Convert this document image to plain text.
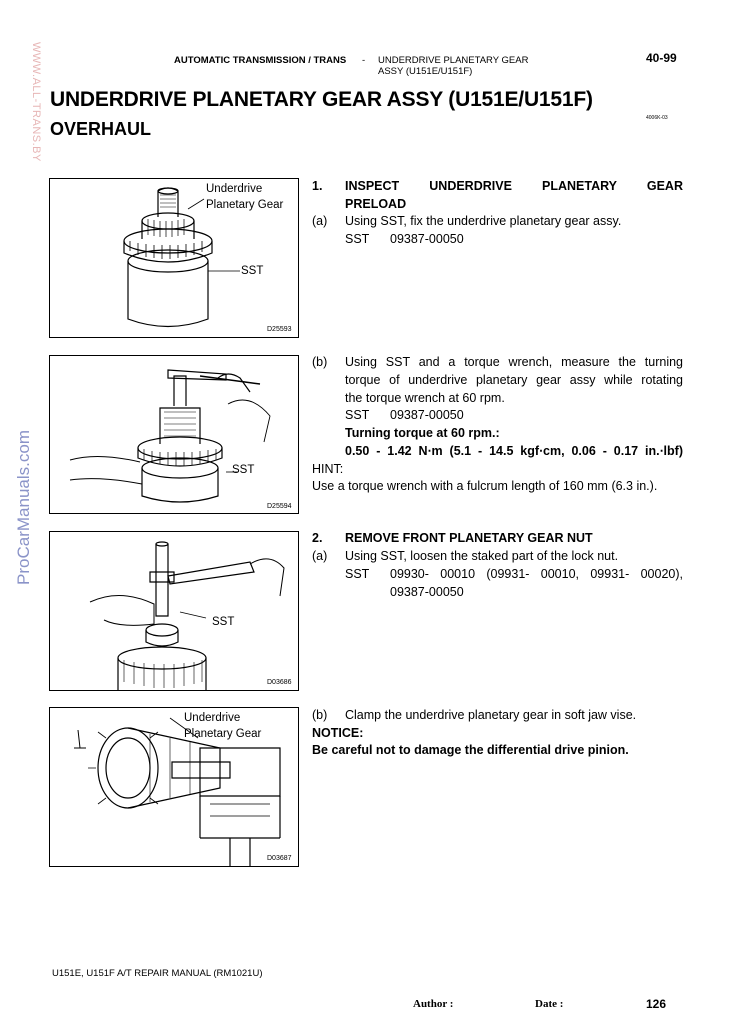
AUTOMATIC TRANSMISSION / TRANS - UNDERDRIVE PLANETARY GEAR
ASSY (U151E/U151F)
40-99
WWW.ALL-TRANS.BY
ProCarManuals.com
UNDERDRIVE PLANETARY GEAR ASSY (U151E/U151F)
4006K-03
OVERHAUL
Underdrive
Planetary Gear
SST
D25593
SST
D25594
SST
D03686
Underdrive
Planetary Gear
D03687
1. INSPECT UNDERDRIVE PLANETARY GEAR
PRELOAD
(a) Using SST, fix the underdrive planetary gear assy.
SST 09387-00050
(b) Using SST and a torque wrench, measure the turning
torque of underdrive planetary gear assy while rotating
the torque wrench at 60 rpm.
SST 09387-00050
Turning torque at 60 rpm.:
0.50 - 1.42 N⋅m (5.1 - 14.5 kgf⋅cm, 0.06 - 0.17 in.⋅lbf)
HINT:
Use a torque wrench with a fulcrum length of 160 mm (6.3 in.).
2. REMOVE FRONT PLANETARY GEAR NUT
(a) Using SST, loosen the staked part of the lock nut.
SST 09930- 00010 (09931- 00010, 09931- 00020),
09387-00050
(b) Clamp the underdrive planetary gear in soft jaw vise.
NOTICE:
Be careful not to damage the differential drive pinion.
U151E, U151F A/T REPAIR MANUAL (RM1021U)
Author :	Date :	126
